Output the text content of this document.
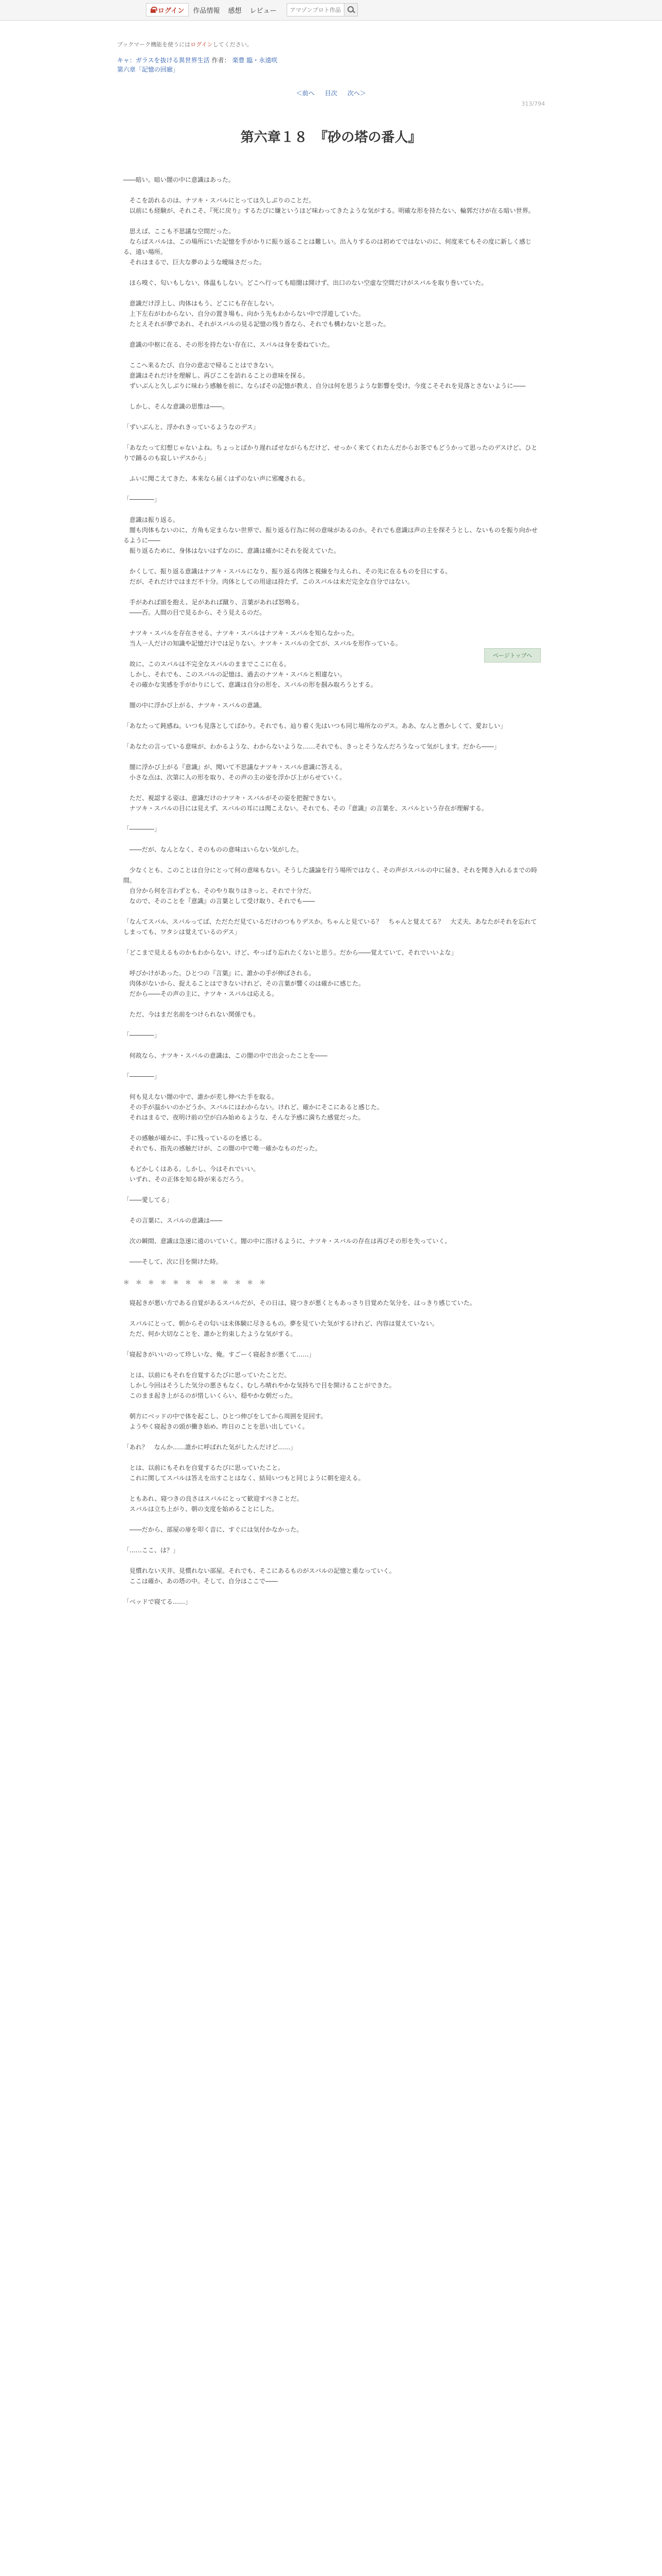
ログイン 作品情報 感想 レビュー
アマゾンプロト作品
ブックマーク機能を使うにはログインしてください。
キャ：ガラスを抜ける異世界生活 作者： 楽豊 臨・永遠咲
第六章「記憶の回廊」
＜前へ 目次 次へ＞
313/794
第六章１８　『砂の塔の番人』

――暗い。暗い闇の中に意識はあった。

　そこを訪れるのは、ナツキ・スバルにとっては久しぶりのことだ。

　以前にも経験が、それこそ、『死に戻り』するたびに嫌というほど味わってきたような気がする。明確な形を持たない、輪郭だけが在る暗い世界。

　思えば、ここも不思議な空間だった。

　ならばスバルは、この場所にいた記憶を手がかりに振り返ることは難しい。出入りするのは初めてではないのに、何度来てもその度に新しく感じる、遠い場所。

　それはまるで、巨大な夢のような曖昧さだった。

　ほら嗅ぐ、匂いもしない、体温もしない。どこへ行っても暗闇は開けず、出口のない空虚な空間だけがスバルを取り巻いていた。

　意識だけ浮上し、肉体はもう、どこにも存在しない。

　上下左右がわからない、自分の置き場も、向かう先もわからない中で浮遊していた。

　たとえそれが夢であれ、それがスバルの見る記憶の残り香なら、それでも構わないと思った。

　意識の中枢に在る、その形を持たない存在に、スバルは身を委ねていた。

　ここへ来るたび、自分の意志で帰ることはできない。

　意識はそれだけを理解し、再びここを訪れることの意味を探る。

　ずいぶんと久しぶりに味わう感触を前に、ならばその記憶が教え、自分は何を思うような影響を受け、今度こそそれを見落とさないように――

　しかし、そんな意識の思惟は――。

「ずいぶんと、浮かれきっているようなのデス」

「あなたって幻想じゃないよね。ちょっとばかり遅ればせながらもだけど、せっかく来てくれたんだからお茶でもどうかって思ったのデスけど、ひとりで踊るのも寂しいデスから」

　ふいに聞こえてきた、本来なら届くはずのない声に邪魔される。

「――――」

　意識は振り返る。

　闇も肉体もないのに、方角も定まらない世界で、振り返る行為に何の意味があるのか。それでも意識は声の主を探そうとし、ないものを振り向かせるように――

　振り返るために、身体はないはずなのに、意識は確かにそれを捉えていた。

　かくして、振り返る意識はナツキ・スバルになり、振り返る肉体と視線を与えられ、その先に在るものを目にする。

　だが、それだけではまだ不十分。肉体としての用途は持たず、このスバルは未だ完全な自分ではない。

　手があれば頭を抱え、足があれば蹴り、言葉があれば怒鳴る。

　――否。人間の目で見るから、そう見えるのだ。

　ナツキ・スバルを存在させる、ナツキ・スバルはナツキ・スバルを知らなかった。

　当人一人だけの知識や記憶だけでは足りない。ナツキ・スバルの全てが、スバルを形作っている。

　故に、このスバルは不完全なスバルのままでここに在る。

　しかし、それでも、このスバルの記憶は、過去のナツキ・スバルと相違ない。

　その確かな実感を手がかりにして、意識は自分の形を、スバルの形を掴み取ろうとする。

　闇の中に浮かび上がる、ナツキ・スバルの意識。

「あなたって鈍感ね。いつも見落としてばかり。それでも、辿り着く先はいつも同じ場所なのデス。ああ、なんと愚かしくて、愛おしい」

「あなたの言っている意味が、わかるような、わからないような……それでも、きっとそうなんだろうなって気がします。だから――」

　闇に浮かび上がる『意識』が、聞いて不思議なナツキ・スバル意識に答える。

　小さな点は、次第に人の形を取り、その声の主の姿を浮かび上がらせていく。

　ただ、視認する姿は、意識だけのナツキ・スバルがその姿を把握できない。

　ナツキ・スバルの目には見えず、スバルの耳には聞こえない。それでも、その『意識』の言葉を、スバルという存在が理解する。

「――――」

　――だが、なんとなく、そのものの意味はいらない気がした。

　少なくとも、このことは自分にとって何の意味もない。そうした議論を行う場所ではなく、その声がスバルの中に届き、それを聞き入れるまでの時間。

　自分から何を言わずとも、そのやり取りはきっと、それで十分だ。

　なので、そのことを『意識』の言葉として受け取り、それでも――

「なんてスバル、スバルってば、ただただ見ているだけのつもりデスか。ちゃんと見ている？　ちゃんと覚えてる？　大丈夫、あなたがそれを忘れてしまっても、ワタシは覚えているのデス」

「どこまで見えるものかもわからない、けど、やっぱり忘れたくないと思う。だから――覚えていて、それでいいよな」

　呼びかけがあった。ひとつの『言葉』に、誰かの手が伸ばされる。

　肉体がないから、捉えることはできないけれど、その言葉が響くのは確かに感じた。

　だから――その声の主に、ナツキ・スバルは応える。

　ただ、今はまだ名前をつけられない関係でも。

「――――」

　何故なら、ナツキ・スバルの意識は、この闇の中で出会ったことを――

「――――」

　何も見えない闇の中で、誰かが差し伸べた手を取る。

　その手が温かいのかどうか、スバルにはわからない。けれど、確かにそこにあると感じた。

　それはまるで、夜明け前の空が白み始めるような、そんな予感に満ちた感覚だった。

　その感触が確かに、手に残っているのを感じる。

　それでも、指先の感触だけが、この闇の中で唯一確かなものだった。

　もどかしくはある。しかし、今はそれでいい。

　いずれ、その正体を知る時が来るだろう。

「――愛してる」

　その言葉に、スバルの意識は――

　次の瞬間、意識は急速に遠のいていく。闇の中に溶けるように、ナツキ・スバルの存在は再びその形を失っていく。

　――そして、次に目を開けた時。

＊　＊　＊　＊　＊　＊　＊　＊　＊　＊　＊　＊

　寝起きが悪い方である自覚があるスバルだが、その日は、寝つきが悪くともあっさり目覚めた気分を、はっきり感じていた。

　スバルにとって、朝からその匂いは未体験に尽きるもの。夢を見ていた気がするけれど、内容は覚えていない。

　ただ、何か大切なことを、誰かと約束したような気がする。

「寝起きがいいのって珍しいな、俺。すごーく寝起きが悪くて……」

　とは、以前にもそれを自覚するたびに思っていたことだ。

　しかし今回はそうした気分の悪さもなく、むしろ晴れやかな気持ちで目を開けることができた。

　このまま起き上がるのが惜しいくらい、穏やかな朝だった。

　朝方にベッドの中で体を起こし、ひとつ伸びをしてから周囲を見回す。

　ようやく寝起きの頭が働き始め、昨日のことを思い出していく。

「あれ？　なんか……誰かに呼ばれた気がしたんだけど……」

　とは、以前にもそれを自覚するたびに思っていたこと。

　これに関してスバルは答えを出すことはなく、結局いつもと同じように朝を迎える。

　ともあれ、寝つきの良さはスバルにとって歓迎すべきことだ。

　スバルは立ち上がり、朝の支度を始めることにした。

　――だから、部屋の扉を叩く音に、すぐには気付かなかった。

「……ここ、は？」

　見慣れない天井、見慣れない部屋。それでも、そこにあるものがスバルの記憶と重なっていく。

　ここは確か、あの塔の中。そして、自分はここで――

「ベッドで寝てる……」

ページトップへ
